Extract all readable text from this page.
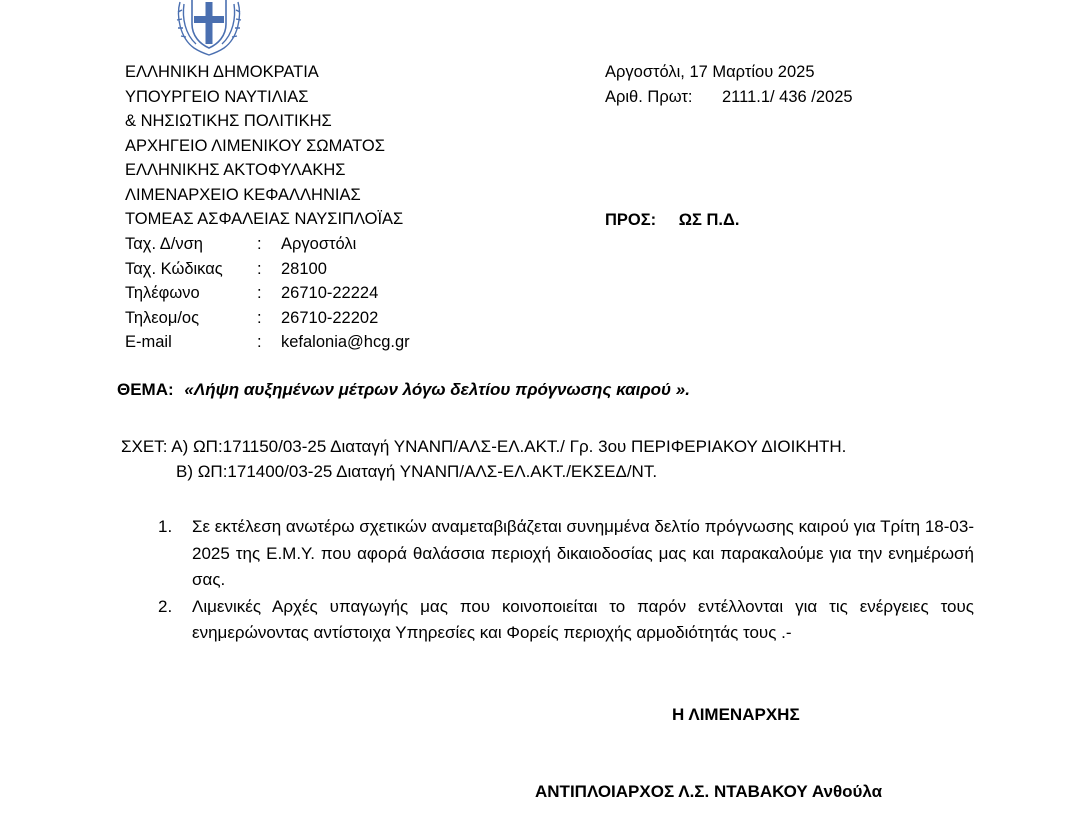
ΕΛΛΗΝΙΚΗ ΔΗΜΟΚΡΑΤΙΑ
ΥΠΟΥΡΓΕΙΟ ΝΑΥΤΙΛΙΑΣ
& ΝΗΣΙΩΤΙΚΗΣ ΠΟΛΙΤΙΚΗΣ
ΑΡΧΗΓΕΙΟ ΛΙΜΕΝΙΚΟΥ ΣΩΜΑΤΟΣ
ΕΛΛΗΝΙΚΗΣ ΑΚΤΟΦΥΛΑΚΗΣ
ΛΙΜΕΝΑΡΧΕΙΟ ΚΕΦΑΛΛΗΝΙΑΣ
ΤΟΜΕΑΣ ΑΣΦΑΛΕΙΑΣ ΝΑΥΣΙΠΛΟΪΑΣ
Ταχ. Δ/νση	:	Αργοστόλι
Ταχ. Κώδικας	:	28100
Τηλέφωνο	:	26710-22224
Τηλεομ/ος	:	26710-22202
E-mail	:	kefalonia@hcg.gr
Αργοστόλι, 17 Μαρτίου 2025
Αριθ. Πρωτ:	2111.1/ 436 /2025
ΠΡΟΣ: ΩΣ Π.Δ.
ΘΕΜΑ: «Λήψη αυξημένων μέτρων λόγω δελτίου πρόγνωσης καιρού ».
ΣΧΕΤ: Α) ΩΠ:171150/03-25 Διαταγή ΥΝΑΝΠ/ΑΛΣ-ΕΛ.ΑΚΤ./ Γρ. 3ου ΠΕΡΙΦΕΡΙΑΚΟΥ ΔΙΟΙΚΗΤΗ.
Β) ΩΠ:171400/03-25 Διαταγή ΥΝΑΝΠ/ΑΛΣ-ΕΛ.ΑΚΤ./ΕΚΣΕΔ/ΝΤ.
1.	Σε εκτέλεση ανωτέρω σχετικών αναμεταβιβάζεται συνημμένα δελτίο πρόγνωσης καιρού για Τρίτη 18-03-2025 της Ε.Μ.Υ. που αφορά θαλάσσια περιοχή δικαιοδοσίας μας και παρακαλούμε για την ενημέρωσή σας.
2.	Λιμενικές Αρχές υπαγωγής μας που κοινοποιείται το παρόν εντέλλονται για τις ενέργειες τους ενημερώνοντας αντίστοιχα Υπηρεσίες και Φορείς περιοχής αρμοδιότητάς τους .-
Η ΛΙΜΕΝΑΡΧΗΣ
ΑΝΤΙΠΛΟΙΑΡΧΟΣ Λ.Σ. ΝΤΑΒΑΚΟΥ Ανθούλα
